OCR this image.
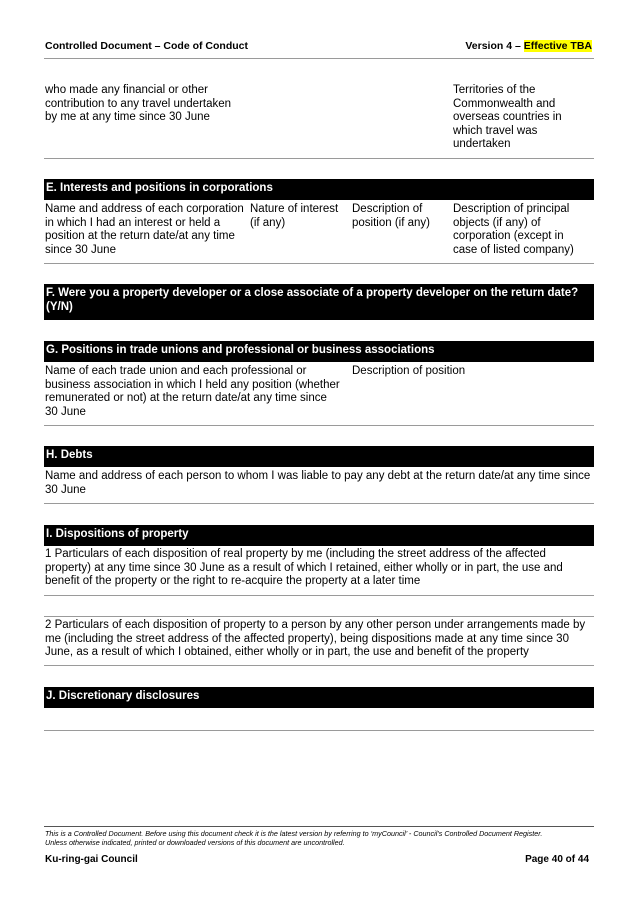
Controlled Document – Code of Conduct	Version 4 – Effective TBA
who made any financial or other contribution to any travel undertaken by me at any time since 30 June
Territories of the Commonwealth and overseas countries in which travel was undertaken
E. Interests and positions in corporations
Name and address of each corporation in which I had an interest or held a position at the return date/at any time since 30 June
Nature of interest (if any)
Description of position (if any)
Description of principal objects (if any) of corporation (except in case of listed company)
F. Were you a property developer or a close associate of a property developer on the return date? (Y/N)
G. Positions in trade unions and professional or business associations
Name of each trade union and each professional or business association in which I held any position (whether remunerated or not) at the return date/at any time since 30 June
Description of position
H. Debts
Name and address of each person to whom I was liable to pay any debt at the return date/at any time since 30 June
I. Dispositions of property
1 Particulars of each disposition of real property by me (including the street address of the affected property) at any time since 30 June as a result of which I retained, either wholly or in part, the use and benefit of the property or the right to re-acquire the property at a later time
2 Particulars of each disposition of property to a person by any other person under arrangements made by me (including the street address of the affected property), being dispositions made at any time since 30 June, as a result of which I obtained, either wholly or in part, the use and benefit of the property
J. Discretionary disclosures
This is a Controlled Document. Before using this document check it is the latest version by referring to ‘myCouncil’ - Council’s Controlled Document Register.
Unless otherwise indicated, printed or downloaded versions of this document are uncontrolled.
Ku-ring-gai Council	Page 40 of 44
